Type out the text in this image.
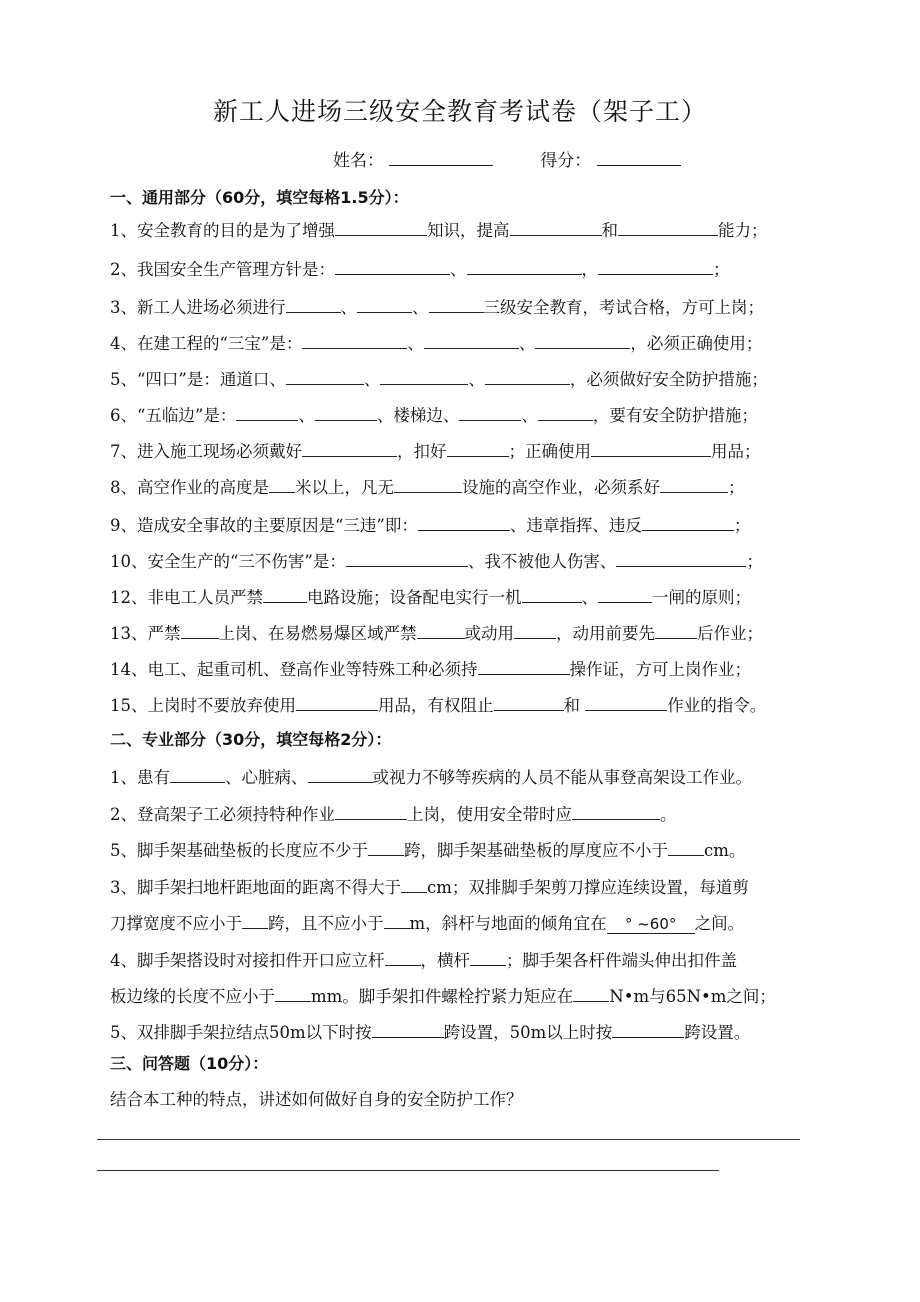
新工人进场三级安全教育考试卷（架子工）
姓名：	得分：
一、通用部分（60分，填空每格1.5分）：
二、专业部分（30分，填空每格2分）：
三、问答题（10分）：
1、安全教育的目的是为了增强	知识，提高	和	能力；
2、我国安全生产管理方针是：	、	，	；
3、新工人进场必须进行	、	、	三级安全教育，考试合格，方可上岗；
4、在建工程的“三宝”是：	、	、	，必须正确使用；
5、“四口”是：通道口、	、	、	，必须做好安全防护措施；
6、“五临边”是：	、	、楼梯边、	、	，要有安全防护措施；
7、进入施工现场必须戴好	，扣好	；正确使用	用品；
8、高空作业的高度是 米以上，凡无	设施的高空作业，必须系好	；
9、造成安全事故的主要原因是“三违”即：	、违章指挥、违反	；
10、安全生产的“三不伤害”是：	、我不被他人伤害、	；
12、非电工人员严禁	电路设施；设备配电实行一机	、	一闸的原则；
13、严禁 上岗、在易燃易爆区域严禁	或动用	，动用前要先	后作业；
14、电工、起重司机、登高作业等特殊工种必须持	操作证，方可上岗作业；
15、上岗时不要放弃使用	用品，有权阻止	和	作业的指令。
1、患有	、心脏病、	或视力不够等疾病的人员不能从事登高架设工作业。
2、登高架子工必须持特种作业	上岗，使用安全带时应	。
5、脚手架基础垫板的长度应不少于 跨，脚手架基础垫板的厚度应不小于 cm。
3、脚手架扫地杆距地面的距离不得大于 cm；双排脚手架剪刀撑应连续设置，每道剪
刀撑宽度不应小于 跨，且不应小于 m，斜杆与地面的倾角宜在° ~60°之间。
4、脚手架搭设时对接扣件开口应立杆 ，横杆 ；脚手架各杆件端头伸出扣件盖
板边缘的长度不应小于 mm。脚手架扣件螺栓拧紧力矩应在 N•m与65N•m之间；
5、双排脚手架拉结点50m以下时按	跨设置，50m以上时按	跨设置。
结合本工种的特点，讲述如何做好自身的安全防护工作？
